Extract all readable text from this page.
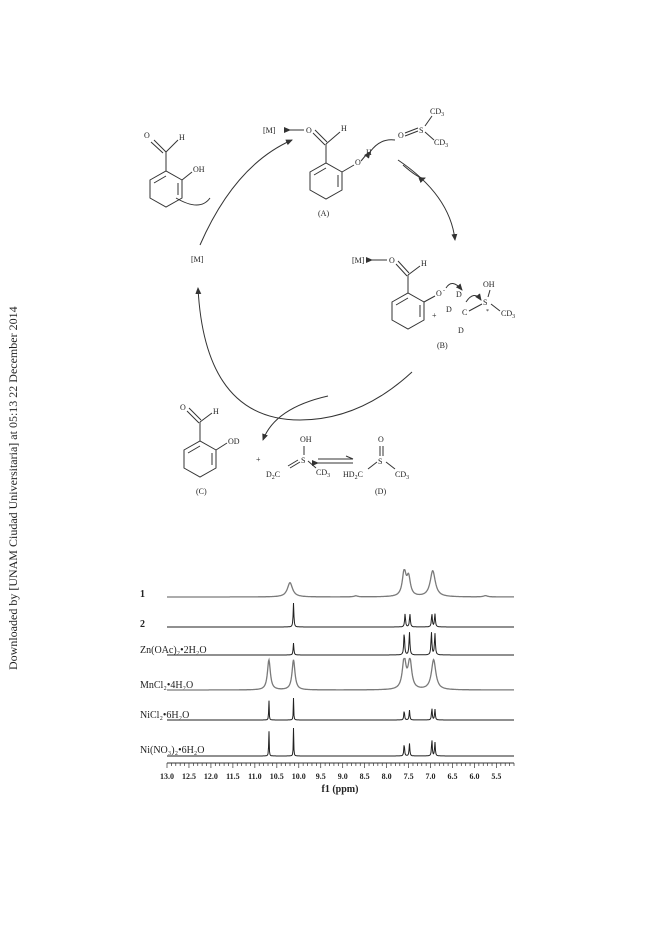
Downloaded by [UNAM Ciudad Universitaria] at 05:13 22 December 2014
O	H
OH
[M]	O	H
O
H
(A)
O
S
$CD_3$
$CD_3$
[M]	O	H
O -
+
D
D
D
C
S
*
OH
$CD_3$
(B)
[M]
O	H
OD
(C)
+
OH
S
$D_2C$	$CD_3$
O
S
$HD_2C$	$CD_3$
(D)
1
2
Zn(OAc)₂•2H₂O
MnCl₂•4H₂O
NiCl₂•6H₂O
Ni(NO₃)₂•6H₂O
13.0 12.5 12.0 11.5 11.0 10.5 10.0 9.5 9.0 8.5 8.0 7.5 7.0 6.5 6.0 5.5
f1 (ppm)
